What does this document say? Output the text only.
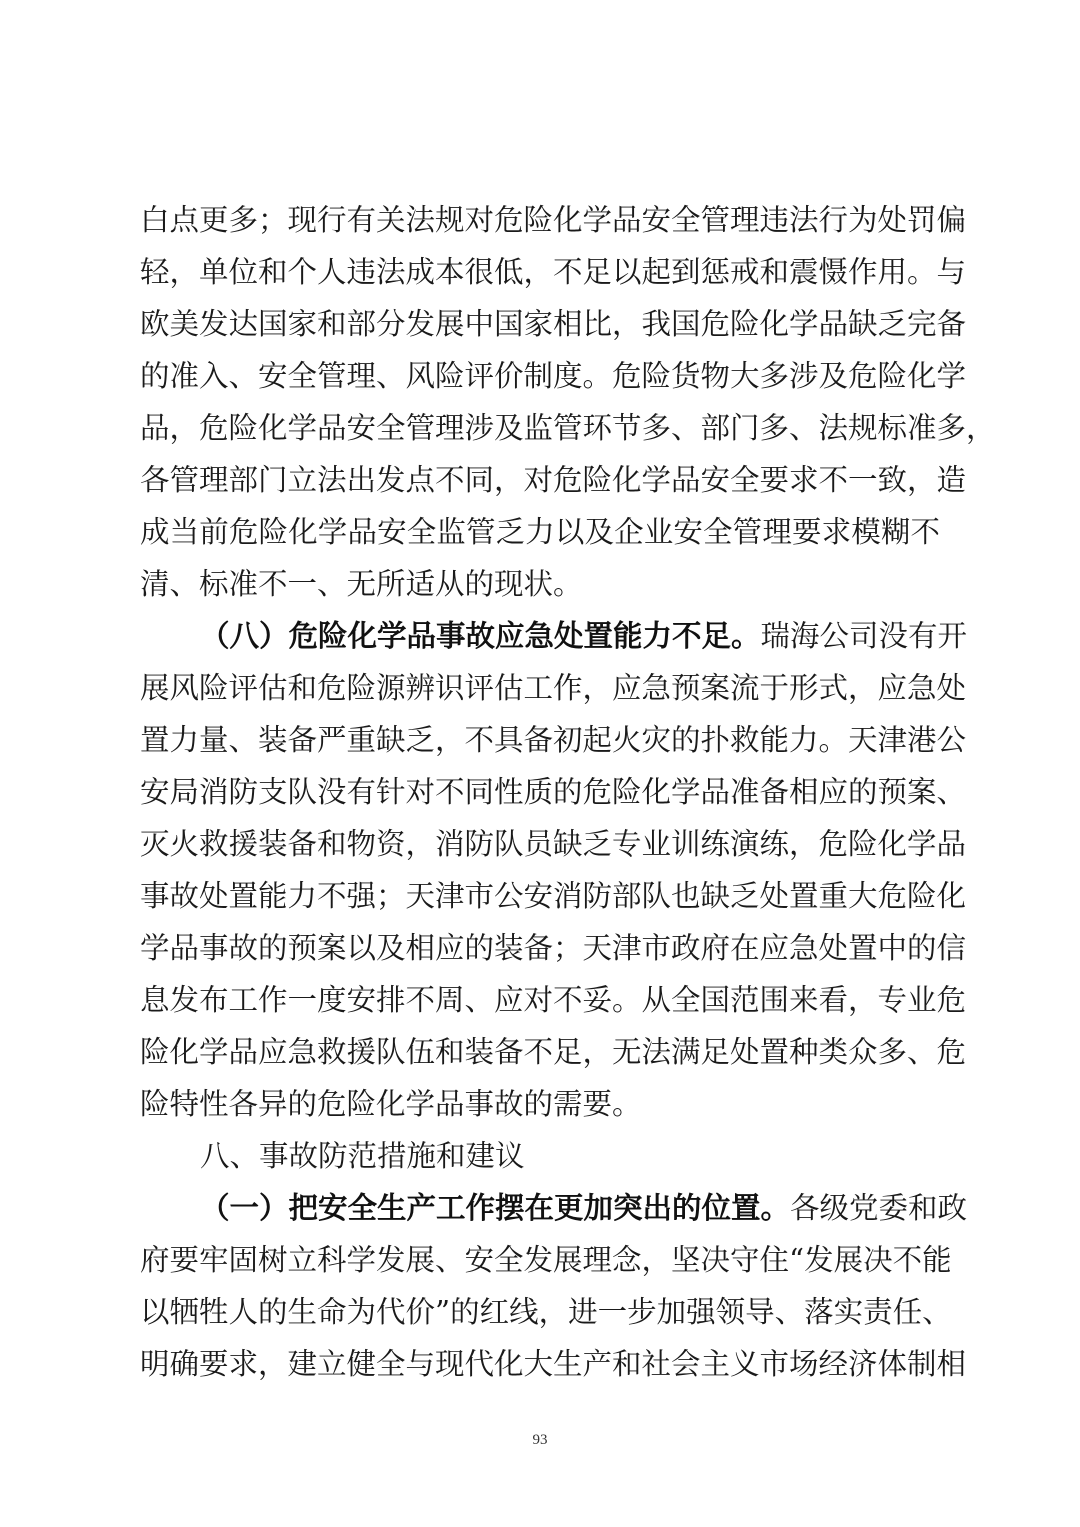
白点更多；现行有关法规对危险化学品安全管理违法行为处罚偏
轻，单位和个人违法成本很低，不足以起到惩戒和震慑作用。与
欧美发达国家和部分发展中国家相比，我国危险化学品缺乏完备
的准入、安全管理、风险评价制度。危险货物大多涉及危险化学
品，危险化学品安全管理涉及监管环节多、部门多、法规标准多，
各管理部门立法出发点不同，对危险化学品安全要求不一致，造
成当前危险化学品安全监管乏力以及企业安全管理要求模糊不
清、标准不一、无所适从的现状。
（八）危险化学品事故应急处置能力不足。瑞海公司没有开
展风险评估和危险源辨识评估工作，应急预案流于形式，应急处
置力量、装备严重缺乏，不具备初起火灾的扑救能力。天津港公
安局消防支队没有针对不同性质的危险化学品准备相应的预案、
灭火救援装备和物资，消防队员缺乏专业训练演练，危险化学品
事故处置能力不强；天津市公安消防部队也缺乏处置重大危险化
学品事故的预案以及相应的装备；天津市政府在应急处置中的信
息发布工作一度安排不周、应对不妥。从全国范围来看，专业危
险化学品应急救援队伍和装备不足，无法满足处置种类众多、危
险特性各异的危险化学品事故的需要。
八、事故防范措施和建议
（一）把安全生产工作摆在更加突出的位置。各级党委和政
府要牢固树立科学发展、安全发展理念，坚决守住“发展决不能
以牺牲人的生命为代价”的红线，进一步加强领导、落实责任、
明确要求，建立健全与现代化大生产和社会主义市场经济体制相
93
